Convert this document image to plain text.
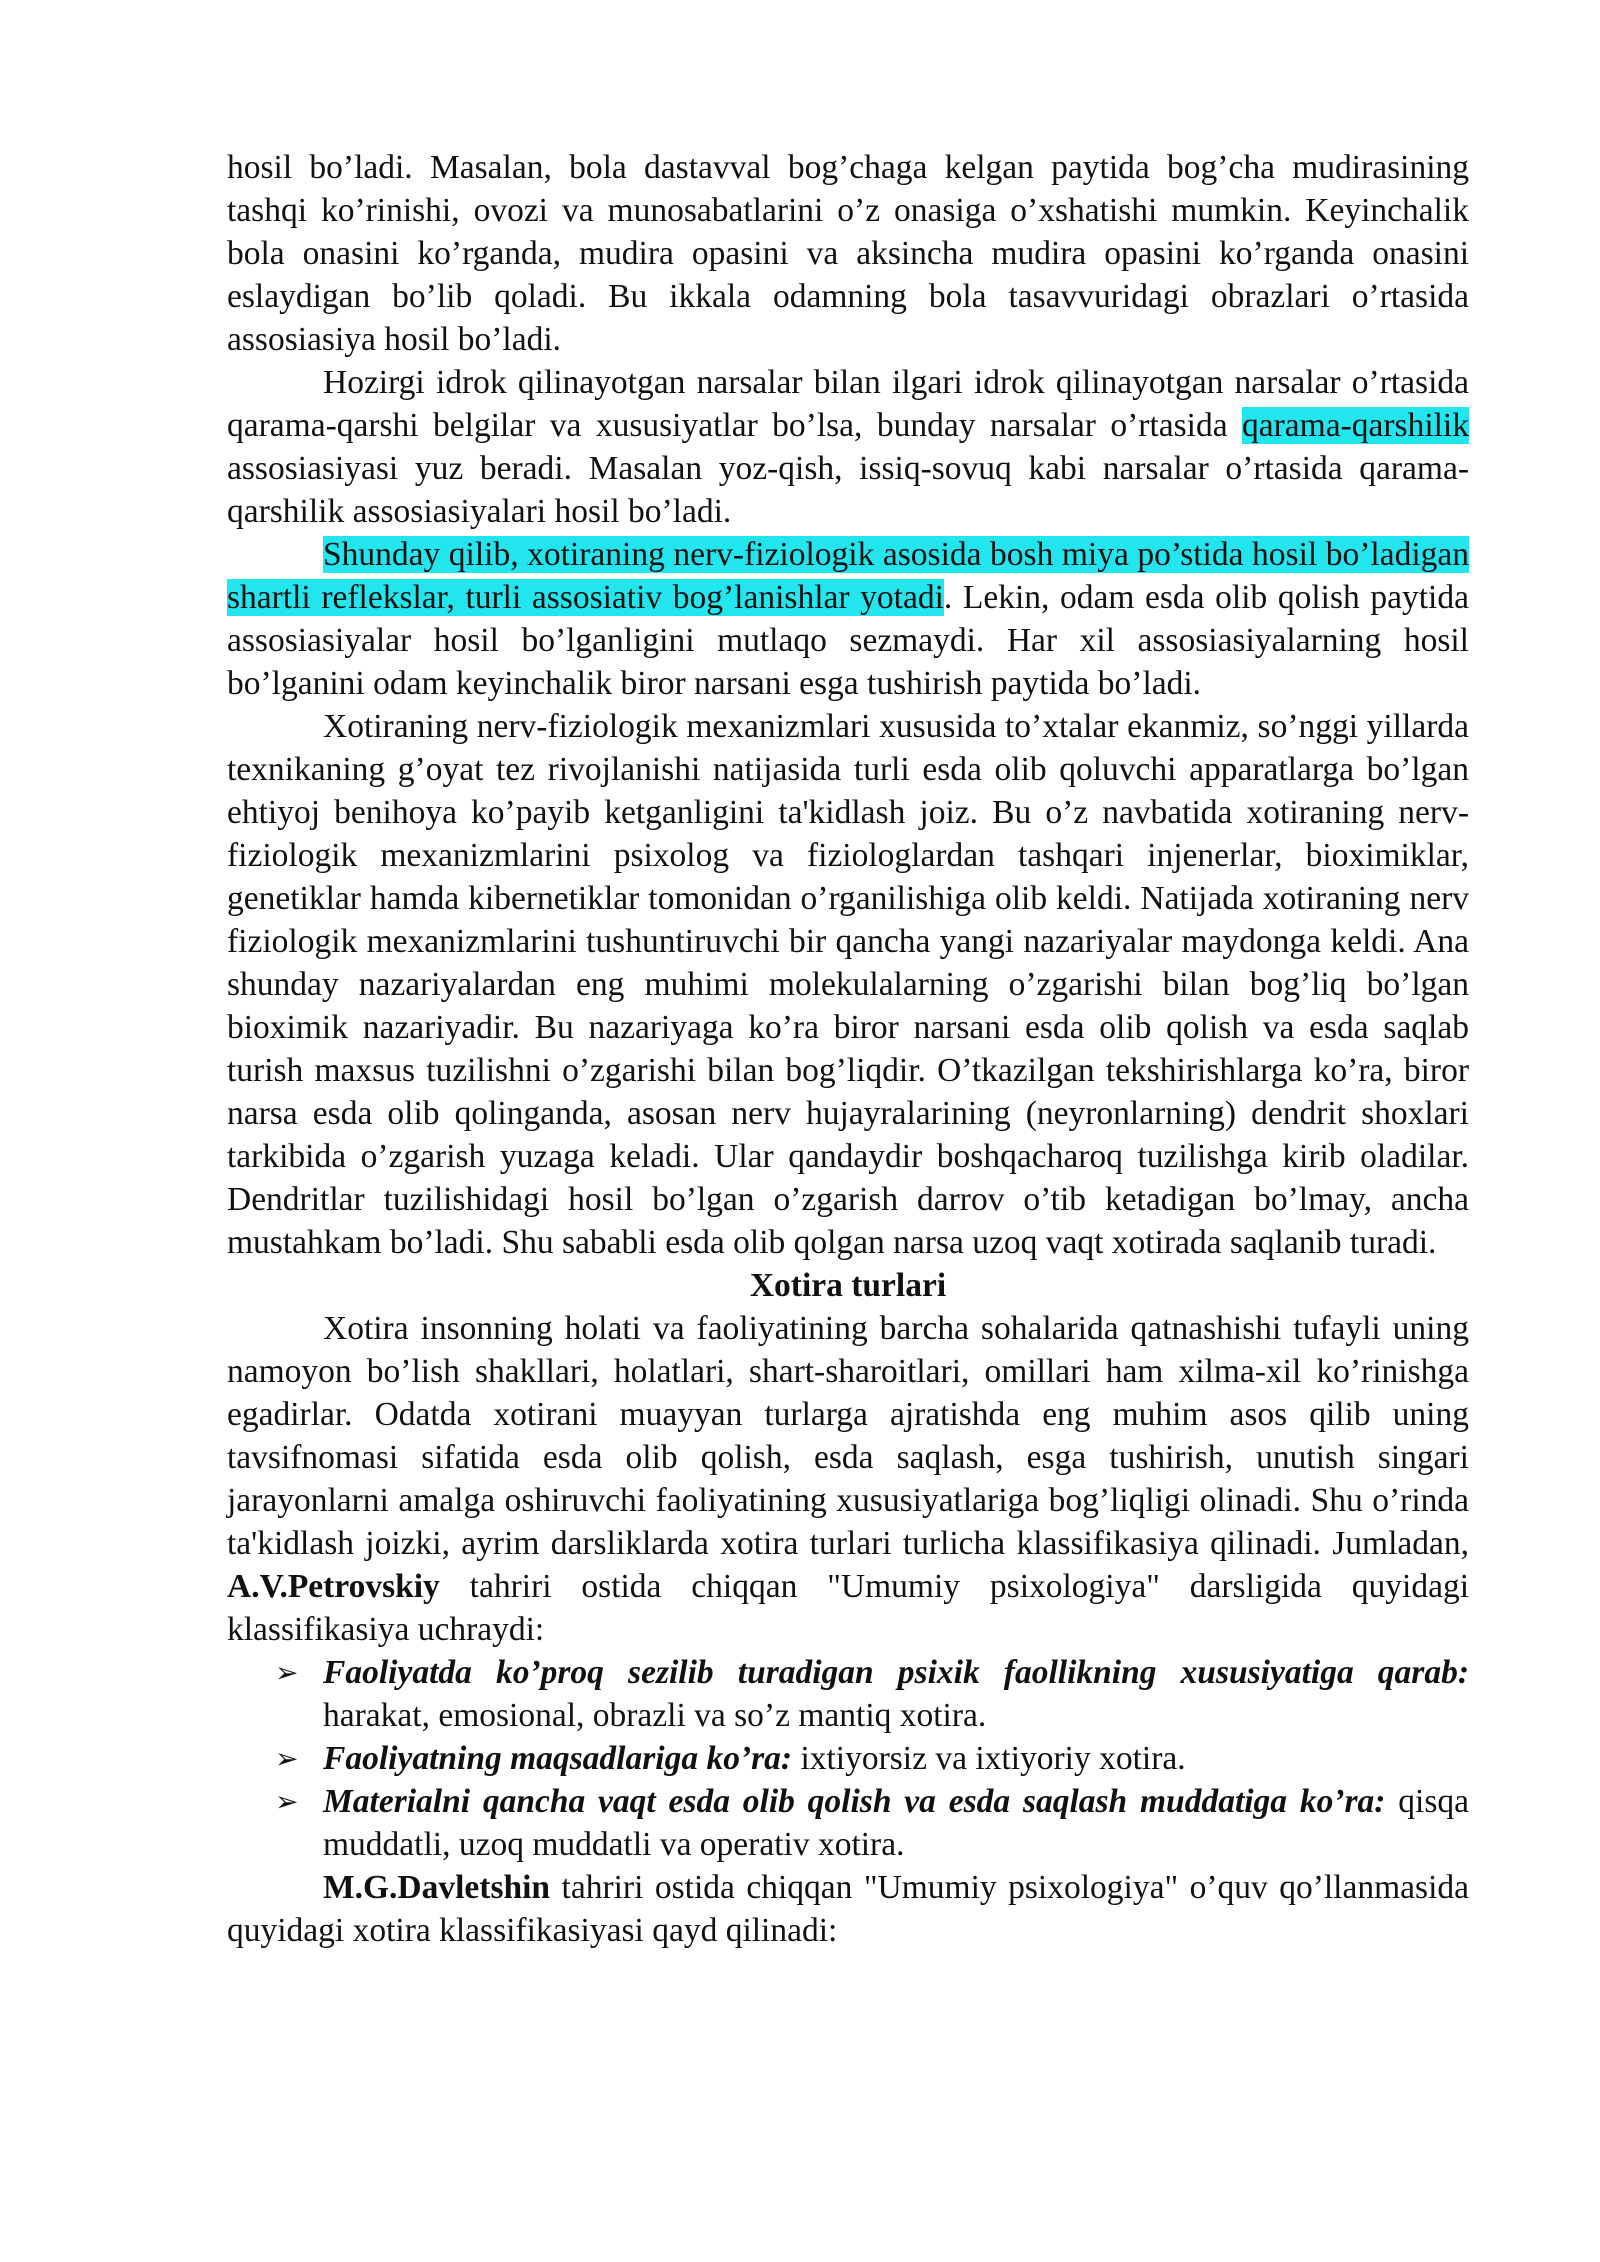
hosil bo’ladi. Masalan, bola dastavval bog’chaga kelgan paytida bog’cha mudirasining tashqi ko’rinishi, ovozi va munosabatlarini o’z onasiga o’xshatishi mumkin. Keyinchalik bola onasini ko’rganda, mudira opasini va aksincha mudira opasini ko’rganda onasini eslaydigan bo’lib qoladi. Bu ikkala odamning bola tasavvuridagi obrazlari o’rtasida assosiasiya hosil bo’ladi.

Hozirgi idrok qilinayotgan narsalar bilan ilgari idrok qilinayotgan narsalar o’rtasida qarama-qarshi belgilar va xususiyatlar bo’lsa, bunday narsalar o’rtasida qarama-qarshilik assosiasiyasi yuz beradi. Masalan yoz-qish, issiq-sovuq kabi narsalar o’rtasida qarama-qarshilik assosiasiyalari hosil bo’ladi.

Shunday qilib, xotiraning nerv-fiziologik asosida bosh miya po’stida hosil bo’ladigan shartli reflekslar, turli assosiativ bog’lanishlar yotadi. Lekin, odam esda olib qolish paytida assosiasiyalar hosil bo’lganligini mutlaqo sezmaydi. Har xil assosiasiyalarning hosil bo’lganini odam keyinchalik biror narsani esga tushirish paytida bo’ladi.

Xotiraning nerv-fiziologik mexanizmlari xususida to’xtalar ekanmiz, so’nggi yillarda texnikaning g’oyat tez rivojlanishi natijasida turli esda olib qoluvchi apparatlarga bo’lgan ehtiyoj benihoya ko’payib ketganligini ta'kidlash joiz. Bu o’z navbatida xotiraning nerv-fiziologik mexanizmlarini psixolog va fiziologlardan tashqari injenerlar, bioximiklar, genetiklar hamda kibernetiklar tomonidan o’rganilishiga olib keldi. Natijada xotiraning nerv fiziologik mexanizmlarini tushuntiruvchi bir qancha yangi nazariyalar maydonga keldi. Ana shunday nazariyalardan eng muhimi molekulalarning o’zgarishi bilan bog’liq bo’lgan bioximik nazariyadir. Bu nazariyaga ko’ra biror narsani esda olib qolish va esda saqlab turish maxsus tuzilishni o’zgarishi bilan bog’liqdir. O’tkazilgan tekshirishlarga ko’ra, biror narsa esda olib qolinganda, asosan nerv hujayralarining (neyronlarning) dendrit shoxlari tarkibida o’zgarish yuzaga keladi. Ular qandaydir boshqacharoq tuzilishga kirib oladilar. Dendritlar tuzilishidagi hosil bo’lgan o’zgarish darrov o’tib ketadigan bo’lmay, ancha mustahkam bo’ladi. Shu sababli esda olib qolgan narsa uzoq vaqt xotirada saqlanib turadi.

Xotira turlari

Xotira insonning holati va faoliyatining barcha sohalarida qatnashishi tufayli uning namoyon bo’lish shakllari, holatlari, shart-sharoitlari, omillari ham xilma-xil ko’rinishga egadirlar. Odatda xotirani muayyan turlarga ajratishda eng muhim asos qilib uning tavsifnomasi sifatida esda olib qolish, esda saqlash, esga tushirish, unutish singari jarayonlarni amalga oshiruvchi faoliyatining xususiyatlariga bog’liqligi olinadi. Shu o’rinda ta'kidlash joizki, ayrim darsliklarda xotira turlari turlicha klassifikasiya qilinadi. Jumladan, A.V.Petrovskiy tahriri ostida chiqqan "Umumiy psixologiya" darsligida quyidagi klassifikasiya uchraydi:

➢ Faoliyatda ko’proq sezilib turadigan psixik faollikning xususiyatiga qarab: harakat, emosional, obrazli va so’z mantiq xotira.
➢ Faoliyatning maqsadlariga ko’ra: ixtiyorsiz va ixtiyoriy xotira.
➢ Materialni qancha vaqt esda olib qolish va esda saqlash muddatiga ko’ra: qisqa muddatli, uzoq muddatli va operativ xotira.

M.G.Davletshin tahriri ostida chiqqan "Umumiy psixologiya" o’quv qo’llanmasida quyidagi xotira klassifikasiyasi qayd qilinadi:
